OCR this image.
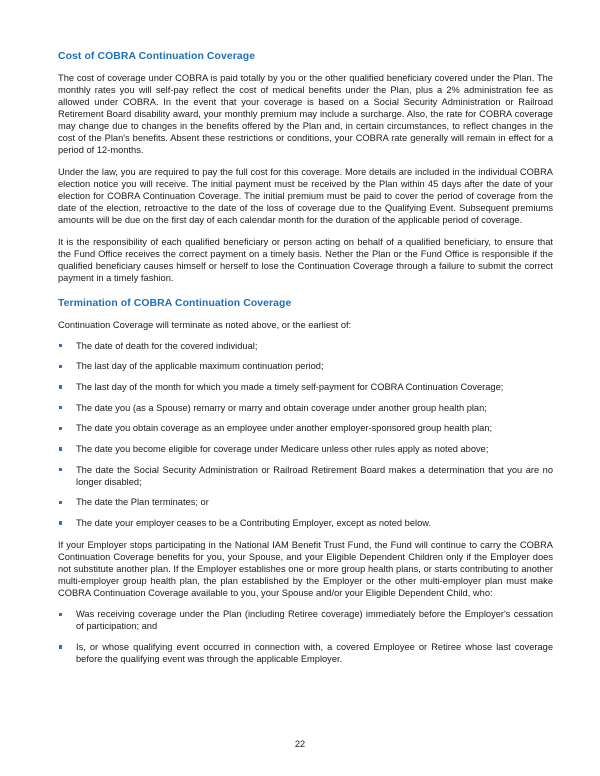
Cost of COBRA Continuation Coverage

The cost of coverage under COBRA is paid totally by you or the other qualified beneficiary covered under the Plan. The monthly rates you will self-pay reflect the cost of medical benefits under the Plan, plus a 2% administration fee as allowed under COBRA. In the event that your coverage is based on a Social Security Administration or Railroad Retirement Board disability award, your monthly premium may include a surcharge. Also, the rate for COBRA coverage may change due to changes in the benefits offered by the Plan and, in certain circumstances, to reflect changes in the cost of the Plan's benefits. Absent these restrictions or conditions, your COBRA rate generally will remain in effect for a period of 12-months.

Under the law, you are required to pay the full cost for this coverage. More details are included in the individual COBRA election notice you will receive. The initial payment must be received by the Plan within 45 days after the date of your election for COBRA Continuation Coverage. The initial premium must be paid to cover the period of coverage from the date of the election, retroactive to the date of the loss of coverage due to the Qualifying Event. Subsequent premiums amounts will be due on the first day of each calendar month for the duration of the applicable period of coverage.

It is the responsibility of each qualified beneficiary or person acting on behalf of a qualified beneficiary, to ensure that the Fund Office receives the correct payment on a timely basis. Nether the Plan or the Fund Office is responsible if the qualified beneficiary causes himself or herself to lose the Continuation Coverage through a failure to submit the correct payment in a timely fashion.

Termination of COBRA Continuation Coverage

Continuation Coverage will terminate as noted above, or the earliest of:

The date of death for the covered individual;
The last day of the applicable maximum continuation period;
The last day of the month for which you made a timely self-payment for COBRA Continuation Coverage;
The date you (as a Spouse) remarry or marry and obtain coverage under another group health plan;
The date you obtain coverage as an employee under another employer-sponsored group health plan;
The date you become eligible for coverage under Medicare unless other rules apply as noted above;
The date the Social Security Administration or Railroad Retirement Board makes a determination that you are no longer disabled;
The date the Plan terminates; or
The date your employer ceases to be a Contributing Employer, except as noted below.

If your Employer stops participating in the National IAM Benefit Trust Fund, the Fund will continue to carry the COBRA Continuation Coverage benefits for you, your Spouse, and your Eligible Dependent Children only if the Employer does not substitute another plan. If the Employer establishes one or more group health plans, or starts contributing to another multi-employer group health plan, the plan established by the Employer or the other multi-employer plan must make COBRA Continuation Coverage available to you, your Spouse and/or your Eligible Dependent Child, who:

Was receiving coverage under the Plan (including Retiree coverage) immediately before the Employer's cessation of participation; and
Is, or whose qualifying event occurred in connection with, a covered Employee or Retiree whose last coverage before the qualifying event was through the applicable Employer.
22
